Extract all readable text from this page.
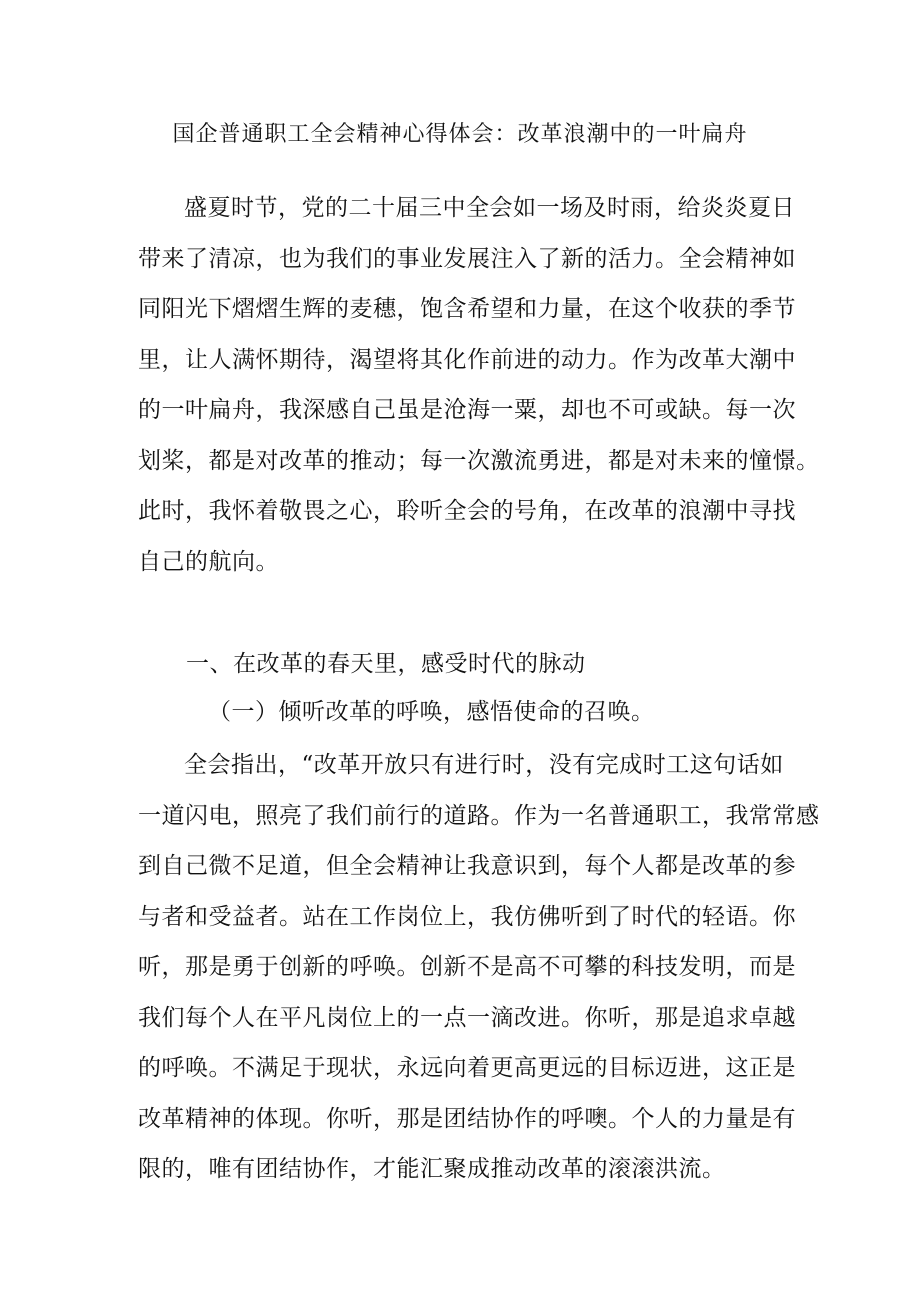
国企普通职工全会精神心得体会：改革浪潮中的一叶扁舟
盛夏时节，党的二十届三中全会如一场及时雨，给炎炎夏日
带来了清凉，也为我们的事业发展注入了新的活力。全会精神如
同阳光下熠熠生辉的麦穗，饱含希望和力量，在这个收获的季节
里，让人满怀期待，渴望将其化作前进的动力。作为改革大潮中
的一叶扁舟，我深感自己虽是沧海一粟，却也不可或缺。每一次
划桨，都是对改革的推动；每一次激流勇进，都是对未来的憧憬。
此时，我怀着敬畏之心，聆听全会的号角，在改革的浪潮中寻找
自己的航向。
一、在改革的春天里，感受时代的脉动
（一）倾听改革的呼唤，感悟使命的召唤。
全会指出，“改革开放只有进行时，没有完成时工这句话如
一道闪电，照亮了我们前行的道路。作为一名普通职工，我常常感
到自己微不足道，但全会精神让我意识到，每个人都是改革的参
与者和受益者。站在工作岗位上，我仿佛听到了时代的轻语。你
听，那是勇于创新的呼唤。创新不是高不可攀的科技发明，而是
我们每个人在平凡岗位上的一点一滴改进。你听，那是追求卓越
的呼唤。不满足于现状，永远向着更高更远的目标迈进，这正是
改革精神的体现。你听，那是团结协作的呼噢。个人的力量是有
限的，唯有团结协作，才能汇聚成推动改革的滚滚洪流。
